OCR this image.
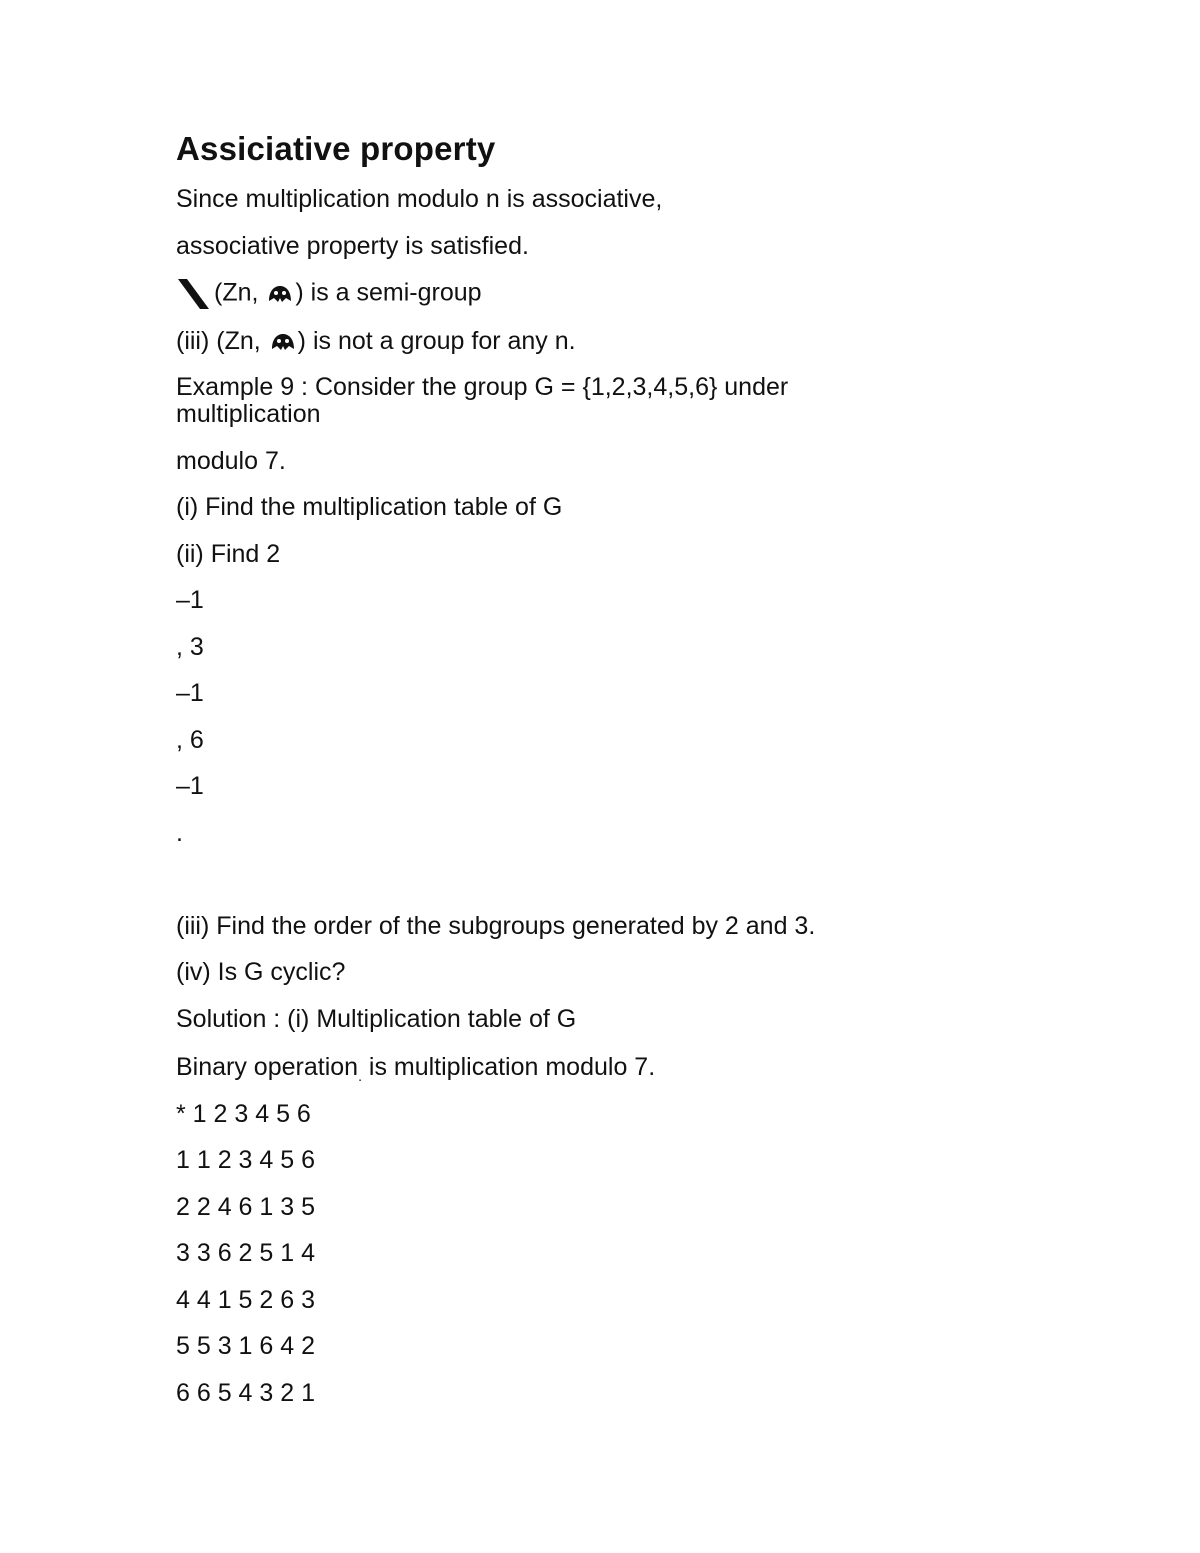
Assiciative property
Since multiplication modulo n is associative,
associative property is satisfied.
(Zn, ) is a semi-group
(iii) (Zn, ) is not a group for any n.
Example 9 : Consider the group G = {1,2,3,4,5,6} under multiplication
modulo 7.
(i) Find the multiplication table of G
(ii) Find 2
–1
, 3
–1
, 6
–1
.
(iii) Find the order of the subgroups generated by 2 and 3.
(iv) Is G cyclic?
Solution : (i) Multiplication table of G
Binary operation$_.$ is multiplication modulo 7.
* 1 2 3 4 5 6
1 1 2 3 4 5 6
2 2 4 6 1 3 5
3 3 6 2 5 1 4
4 4 1 5 2 6 3
5 5 3 1 6 4 2
6 6 5 4 3 2 1
